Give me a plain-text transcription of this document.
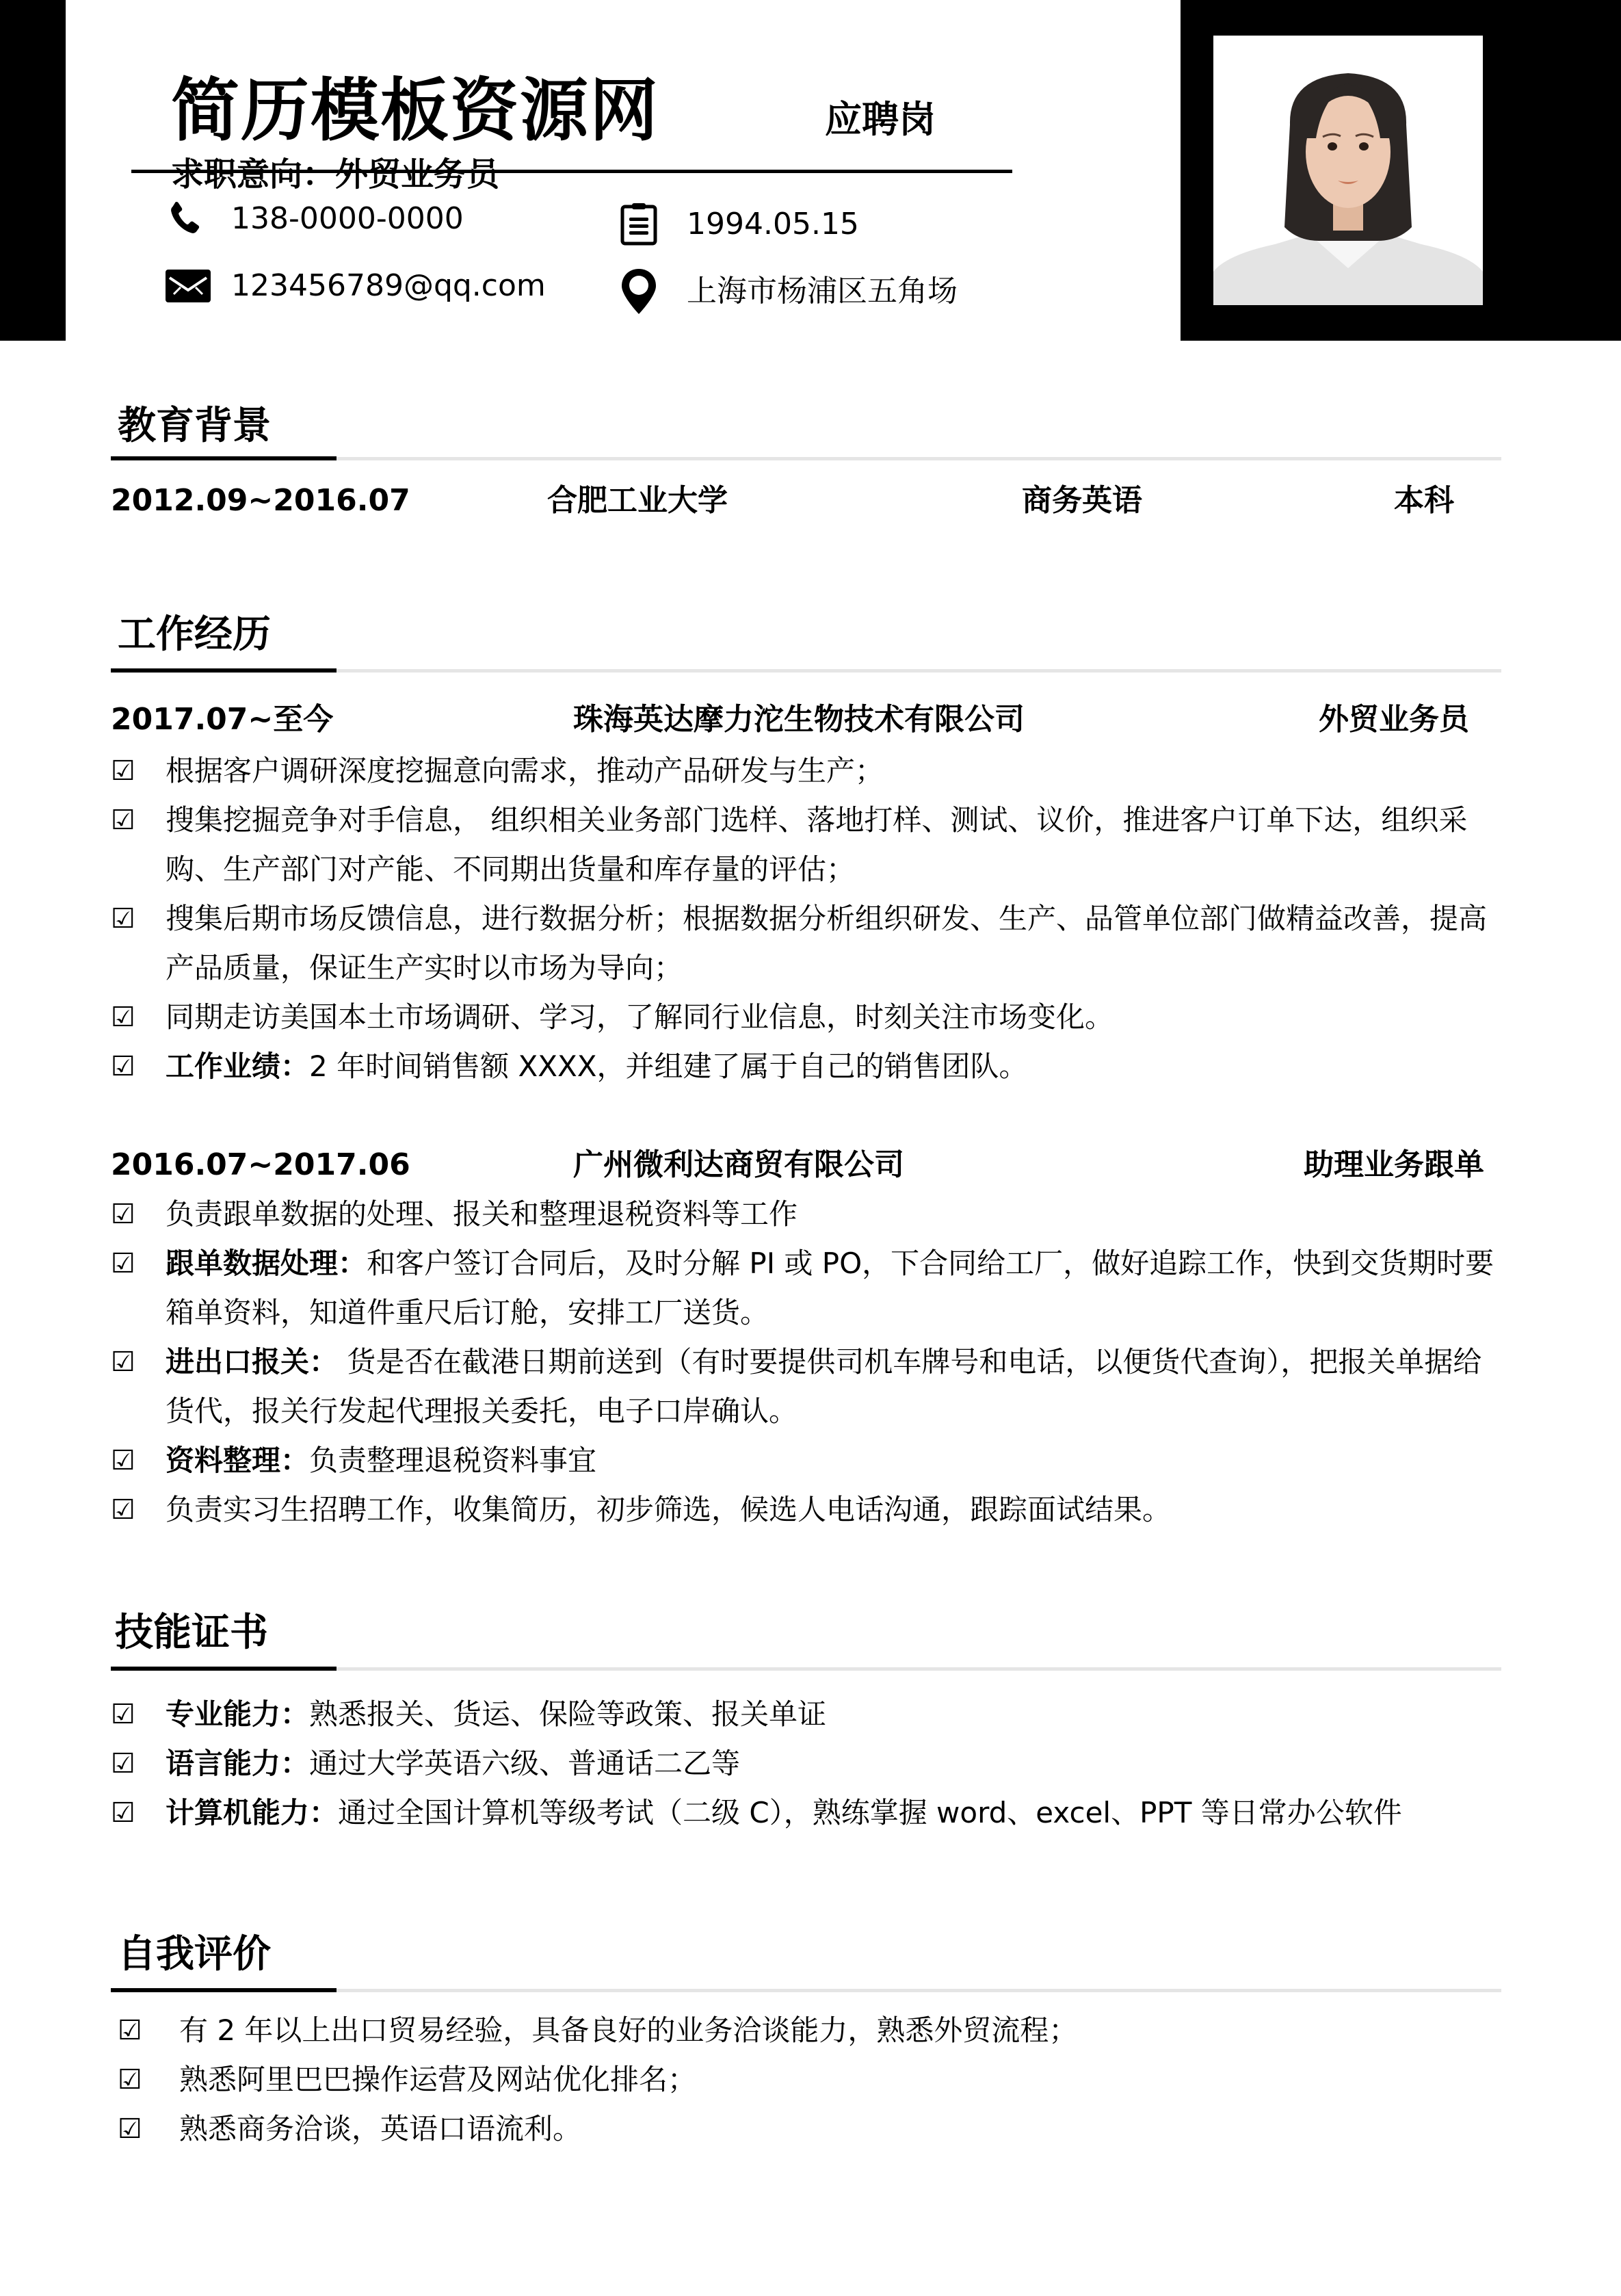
简历模板资源网	应聘岗
求职意向：外贸业务员
138-0000-0000
123456789@qq.com
1994.05.15
上海市杨浦区五角场
教育背景
2012.09~2016.07	合肥工业大学	商务英语	本科
工作经历
2017.07~至今	珠海英达摩力沱生物技术有限公司	外贸业务员
☑	根据客户调研深度挖掘意向需求，推动产品研发与生产；
☑	搜集挖掘竞争对手信息， 组织相关业务部门选样、落地打样、测试、议价，推进客户订单下达，组织采购、生产部门对产能、不同期出货量和库存量的评估；
☑	搜集后期市场反馈信息，进行数据分析；根据数据分析组织研发、生产、品管单位部门做精益改善，提高产品质量，保证生产实时以市场为导向；
☑	同期走访美国本土市场调研、学习，了解同行业信息，时刻关注市场变化。
☑	工作业绩：2 年时间销售额 XXXX，并组建了属于自己的销售团队。
2016.07~2017.06	广州微利达商贸有限公司	助理业务跟单
☑	负责跟单数据的处理、报关和整理退税资料等工作
☑	跟单数据处理：和客户签订合同后，及时分解 PI 或 PO，下合同给工厂，做好追踪工作，快到交货期时要箱单资料，知道件重尺后订舱，安排工厂送货。
☑	进出口报关： 货是否在截港日期前送到（有时要提供司机车牌号和电话，以便货代查询），把报关单据给货代，报关行发起代理报关委托，电子口岸确认。
☑	资料整理：负责整理退税资料事宜
☑	负责实习生招聘工作，收集简历，初步筛选，候选人电话沟通，跟踪面试结果。
技能证书
☑	专业能力：熟悉报关、货运、保险等政策、报关单证
☑	语言能力：通过大学英语六级、普通话二乙等
☑	计算机能力：通过全国计算机等级考试（二级 C），熟练掌握 word、excel、PPT 等日常办公软件
自我评价
☑	有 2 年以上出口贸易经验，具备良好的业务洽谈能力，熟悉外贸流程；
☑	熟悉阿里巴巴操作运营及网站优化排名；
☑	熟悉商务洽谈，英语口语流利。
